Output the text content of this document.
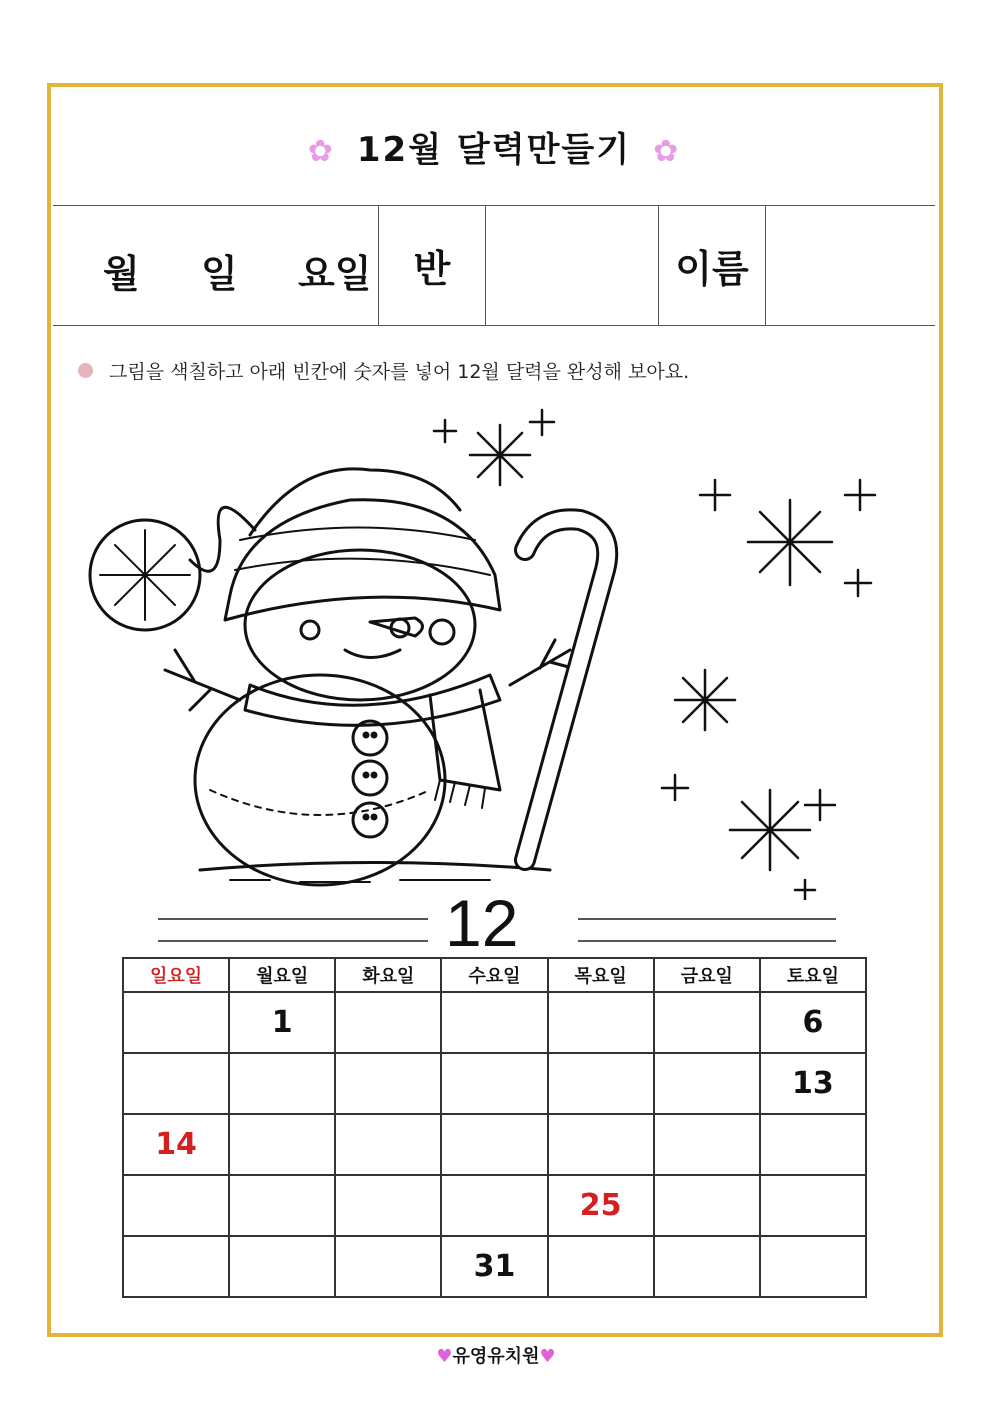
✿ 12월 달력만들기 ✿
월 일 요일	반	이름
그림을 색칠하고 아래 빈칸에 숫자를 넣어 12월 달력을 완성해 보아요.
12
일요일	월요일	화요일	수요일	목요일	금요일	토요일
	1					6
						13
14						
				25		
			31			
♥유영유치원♥
